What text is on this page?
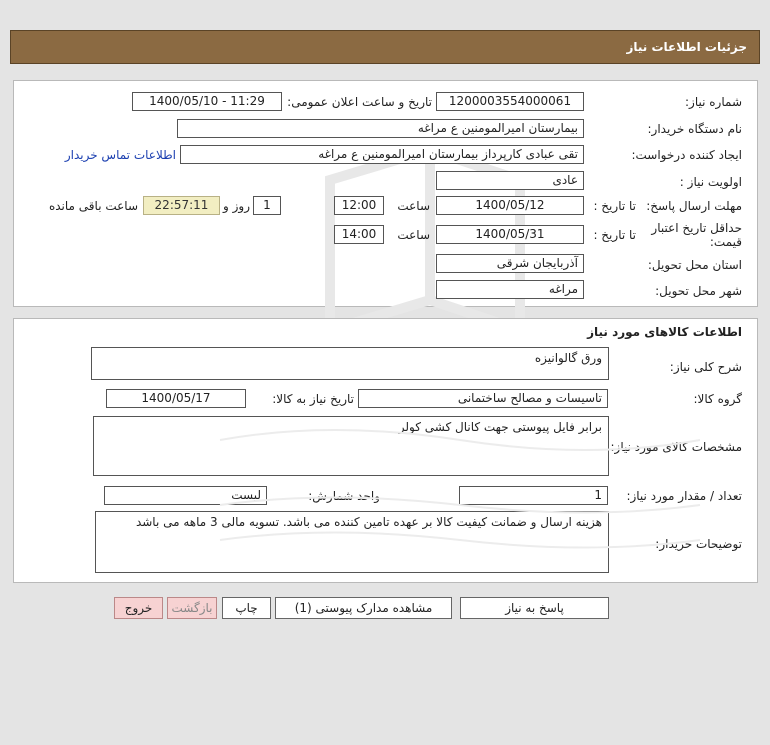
جزئیات اطلاعات نیاز
شماره نیاز:
1200003554000061
تاریخ و ساعت اعلان عمومی:
1400/05/10 - 11:29
نام دستگاه خریدار:
بیمارستان امیرالمومنین ع مراغه
ایجاد کننده درخواست:
تقی عبادی کارپرداز بیمارستان امیرالمومنین ع مراغه
اطلاعات تماس خریدار
اولویت نیاز :
عادی
مهلت ارسال پاسخ:
تا تاریخ :
1400/05/12
ساعت
12:00
1
روز و
22:57:11
ساعت باقی مانده
حداقل تاریخ اعتبار
قیمت:
تا تاریخ :
1400/05/31
ساعت
14:00
استان محل تحویل:
آذربایجان شرقی
شهر محل تحویل:
مراغه
اطلاعات کالاهای مورد نیاز
شرح کلی نیاز:
ورق گالوانیزه
گروه کالا:
تاسیسات و مصالح ساختمانی
تاریخ نیاز به کالا:
1400/05/17
مشخصات کالای مورد نیاز:
برابر فایل پیوستی جهت کانال کشی کولر
تعداد / مقدار مورد نیاز:
1
واحد شمارش:
لیست
توضیحات خریدار:
هزینه ارسال و ضمانت کیفیت کالا بر عهده تامین کننده می باشد. تسویه مالی 3 ماهه می باشد
پاسخ به نیاز
مشاهده مدارک پیوستی (1)
چاپ
بازگشت
خروج
